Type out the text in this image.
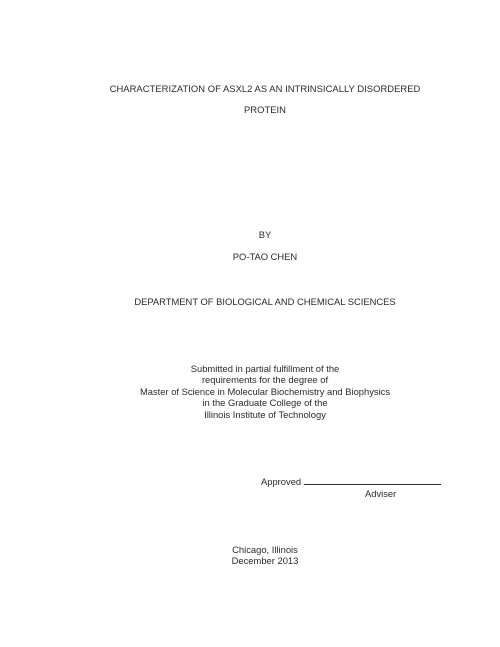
CHARACTERIZATION OF ASXL2 AS AN INTRINSICALLY DISORDERED
PROTEIN
BY
PO-TAO CHEN
DEPARTMENT OF BIOLOGICAL AND CHEMICAL SCIENCES
Submitted in partial fulfillment of the
requirements for the degree of
Master of Science in Molecular Biochemistry and Biophysics
in the Graduate College of the
Illinois Institute of Technology
Approved
Adviser
Chicago, Illinois
December 2013
